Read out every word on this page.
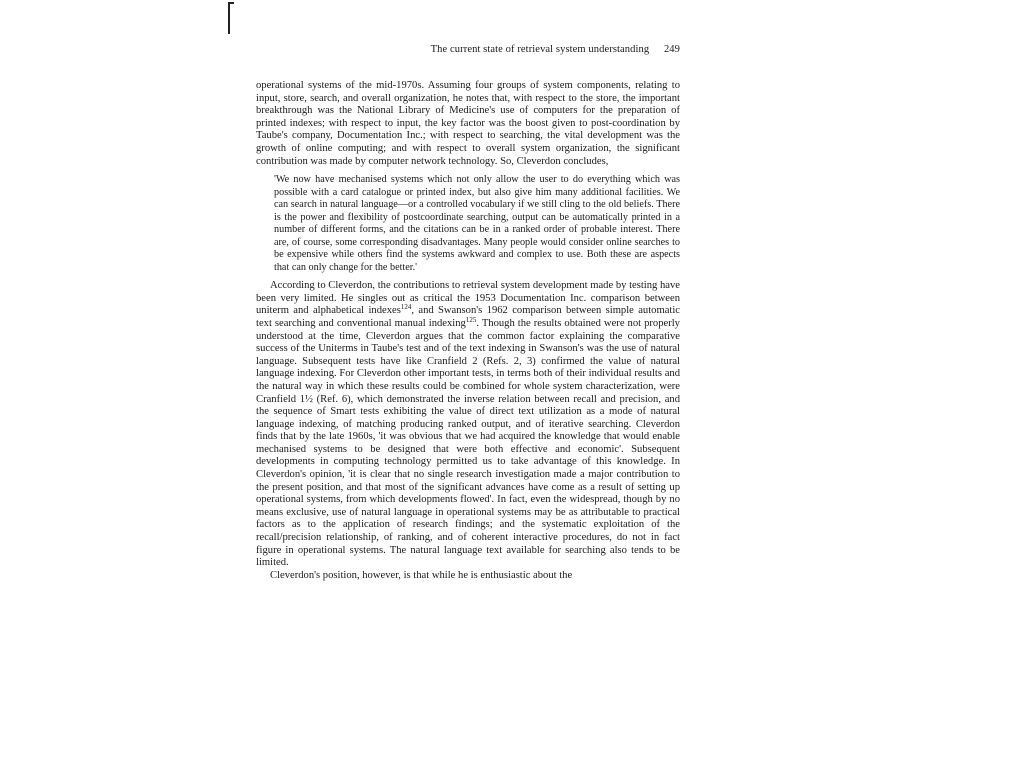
The current state of retrieval system understanding 249

operational systems of the mid-1970s. Assuming four groups of system components, relating to input, store, search, and overall organization, he notes that, with respect to the store, the important breakthrough was the National Library of Medicine's use of computers for the preparation of printed indexes; with respect to input, the key factor was the boost given to post-coordination by Taube's company, Documentation Inc.; with respect to searching, the vital development was the growth of online computing; and with respect to overall system organization, the significant contribution was made by computer network technology. So, Cleverdon concludes,

'We now have mechanised systems which not only allow the user to do everything which was possible with a card catalogue or printed index, but also give him many additional facilities. We can search in natural language—or a controlled vocabulary if we still cling to the old beliefs. There is the power and flexibility of postcoordinate searching, output can be automatically printed in a number of different forms, and the citations can be in a ranked order of probable interest. There are, of course, some corresponding disadvantages. Many people would consider online searches to be expensive while others find the systems awkward and complex to use. Both these are aspects that can only change for the better.'

According to Cleverdon, the contributions to retrieval system development made by testing have been very limited. He singles out as critical the 1953 Documentation Inc. comparison between uniterm and alphabetical indexes$^{124}$, and Swanson's 1962 comparison between simple automatic text searching and conventional manual indexing$^{125}$. Though the results obtained were not properly understood at the time, Cleverdon argues that the common factor explaining the comparative success of the Uniterms in Taube's test and of the text indexing in Swanson's was the use of natural language. Subsequent tests have like Cranfield 2 (Refs. 2, 3) confirmed the value of natural language indexing. For Cleverdon other important tests, in terms both of their individual results and the natural way in which these results could be combined for whole system characterization, were Cranfield 1½ (Ref. 6), which demonstrated the inverse relation between recall and precision, and the sequence of Smart tests exhibiting the value of direct text utilization as a mode of natural language indexing, of matching producing ranked output, and of iterative searching. Cleverdon finds that by the late 1960s, 'it was obvious that we had acquired the knowledge that would enable mechanised systems to be designed that were both effective and economic'. Subsequent developments in computing technology permitted us to take advantage of this knowledge. In Cleverdon's opinion, 'it is clear that no single research investigation made a major contribution to the present position, and that most of the significant advances have come as a result of setting up operational systems, from which developments flowed'. In fact, even the widespread, though by no means exclusive, use of natural language in operational systems may be as attributable to practical factors as to the application of research findings; and the systematic exploitation of the recall/precision relationship, of ranking, and of coherent interactive procedures, do not in fact figure in operational systems. The natural language text available for searching also tends to be limited.

Cleverdon's position, however, is that while he is enthusiastic about the
